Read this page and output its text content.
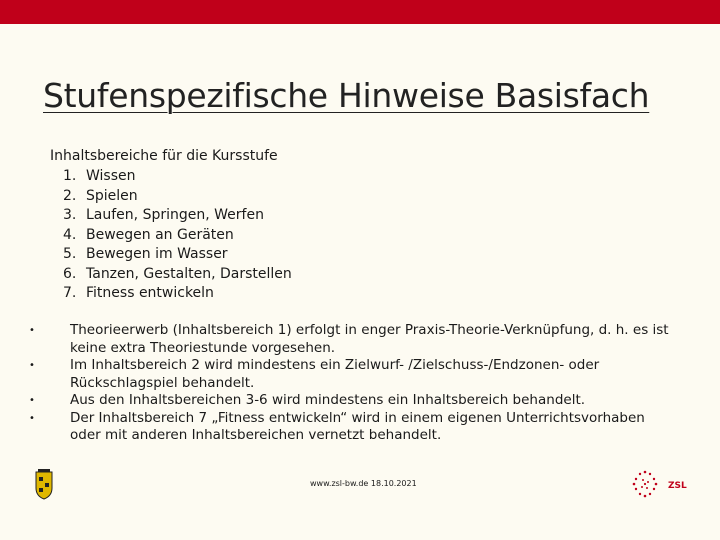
Stufenspezifische Hinweise Basisfach
Inhaltsbereiche für die Kursstufe
1. Wissen
2. Spielen
3. Laufen, Springen, Werfen
4. Bewegen an Geräten
5. Bewegen im Wasser
6. Tanzen, Gestalten, Darstellen
7. Fitness entwickeln
•	Theorieerwerb (Inhaltsbereich 1) erfolgt in enger Praxis-Theorie-Verknüpfung, d. h. es ist keine extra Theoriestunde vorgesehen.
•	Im Inhaltsbereich 2 wird mindestens ein Zielwurf- /Zielschuss-/Endzonen- oder Rückschlagspiel behandelt.
•	Aus den Inhaltsbereichen 3-6 wird mindestens ein Inhaltsbereich behandelt.
•	Der Inhaltsbereich 7 „Fitness entwickeln“ wird in einem eigenen Unterrichtsvorhaben oder mit anderen Inhaltsbereichen vernetzt behandelt.
www.zsl-bw.de 18.10.2021	ZSL
